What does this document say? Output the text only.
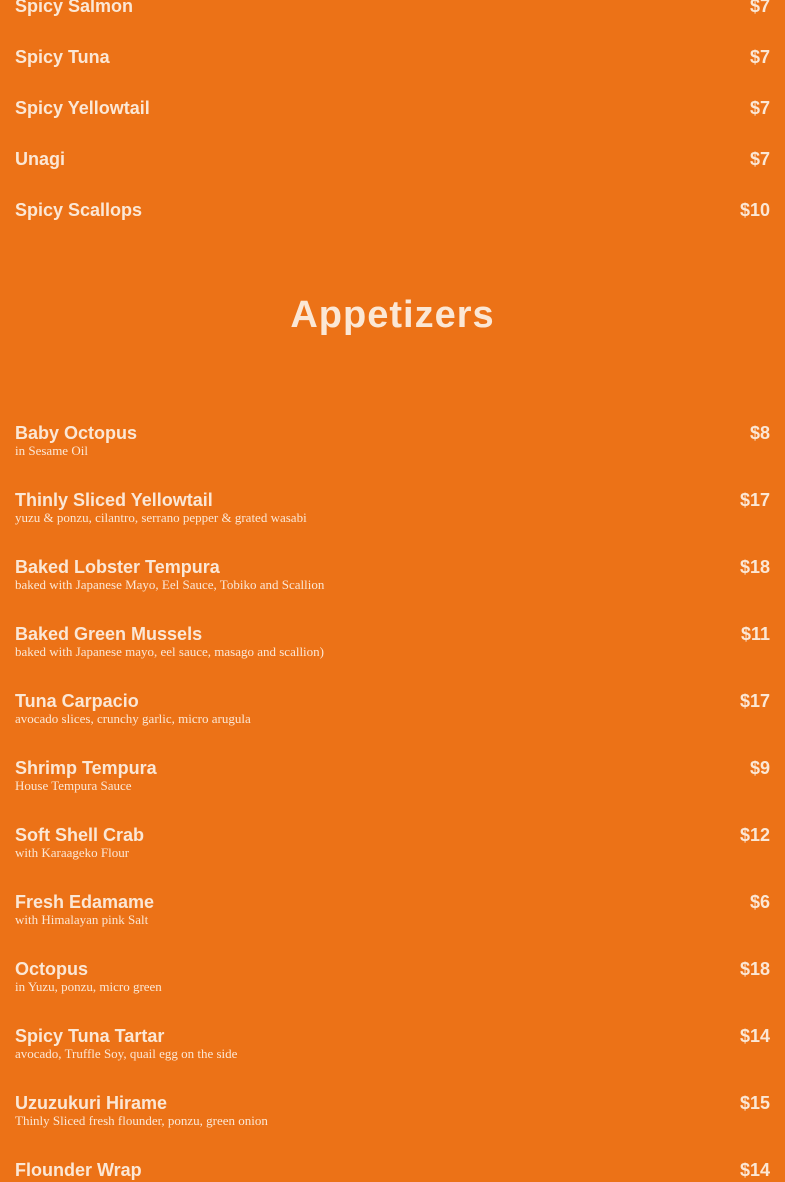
Spicy Salmon	$7
Spicy Tuna	$7
Spicy Yellowtail	$7
Unagi	$7
Spicy Scallops	$10
Appetizers
Baby Octopus	$8
in Sesame Oil
Thinly Sliced Yellowtail	$17
yuzu & ponzu, cilantro, serrano pepper & grated wasabi
Baked Lobster Tempura	$18
baked with Japanese Mayo, Eel Sauce, Tobiko and Scallion
Baked Green Mussels	$11
baked with Japanese mayo, eel sauce, masago and scallion)
Tuna Carpacio	$17
avocado slices, crunchy garlic, micro arugula
Shrimp Tempura	$9
House Tempura Sauce
Soft Shell Crab	$12
with Karaageko Flour
Fresh Edamame	$6
with Himalayan pink Salt
Octopus	$18
in Yuzu, ponzu, micro green
Spicy Tuna Tartar	$14
avocado, Truffle Soy, quail egg on the side
Uzuzukuri Hirame	$15
Thinly Sliced fresh flounder, ponzu, green onion
Flounder Wrap	$14
